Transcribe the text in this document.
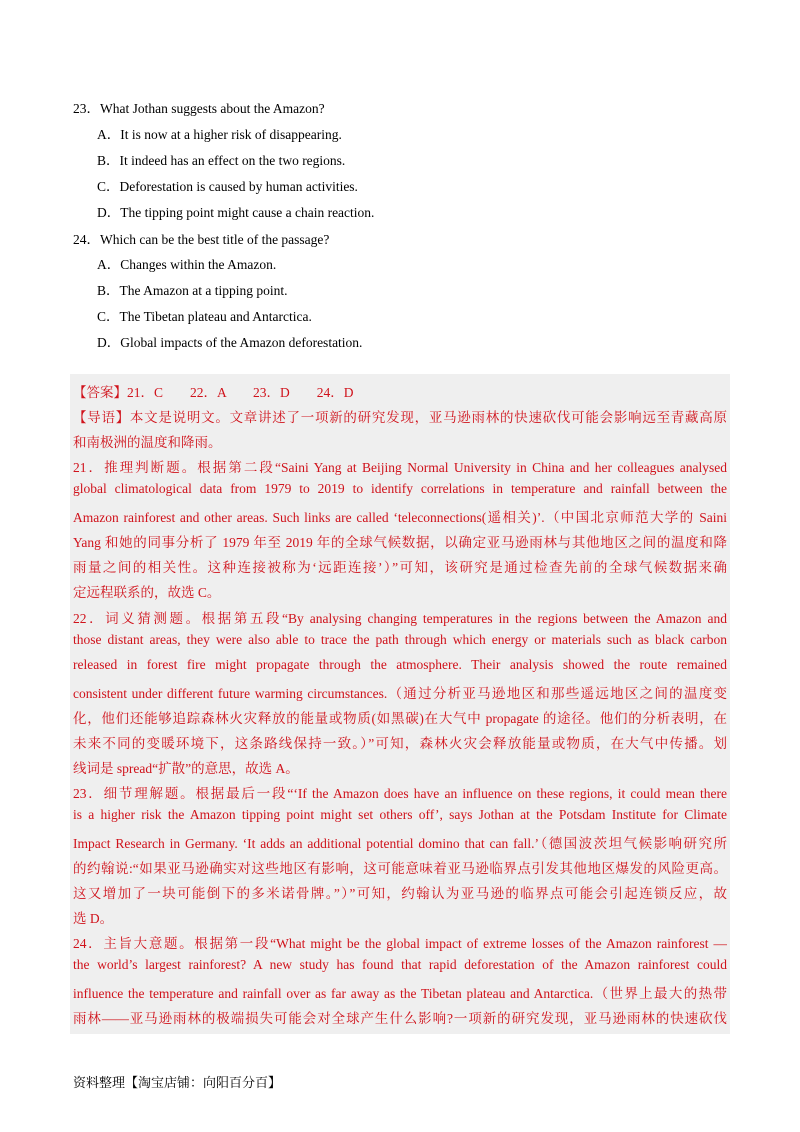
23．What Jothan suggests about the Amazon?
A．It is now at a higher risk of disappearing.
B．It indeed has an effect on the two regions.
C．Deforestation is caused by human activities.
D．The tipping point might cause a chain reaction.
24．Which can be the best title of the passage?
A．Changes within the Amazon.
B．The Amazon at a tipping point.
C．The Tibetan plateau and Antarctica.
D．Global impacts of the Amazon deforestation.
【答案】21．C　　22．A　　23．D　　24．D
【导语】本文是说明文。文章讲述了一项新的研究发现，亚马逊雨林的快速砍伐可能会影响远至青藏高原
和南极洲的温度和降雨。
21．推理判断题。根据第二段“Saini Yang at Beijing Normal University in China and her colleagues analysed
global climatological data from 1979 to 2019 to identify correlations in temperature and rainfall between the
Amazon rainforest and other areas. Such links are called ‘teleconnections(遥相关)’.（中国北京师范大学的 Saini
Yang 和她的同事分析了 1979 年至 2019 年的全球气候数据，以确定亚马逊雨林与其他地区之间的温度和降
雨量之间的相关性。这种连接被称为‘远距连接’）”可知，该研究是通过检查先前的全球气候数据来确
定远程联系的，故选 C。
22．词义猜测题。根据第五段“By analysing changing temperatures in the regions between the Amazon and
those distant areas, they were also able to trace the path through which energy or materials such as black carbon
released in forest fire might propagate through the atmosphere. Their analysis showed the route remained
consistent under different future warming circumstances.（通过分析亚马逊地区和那些遥远地区之间的温度变
化，他们还能够追踪森林火灾释放的能量或物质(如黑碳)在大气中 propagate 的途径。他们的分析表明，在
未来不同的变暖环境下，这条路线保持一致。）”可知，森林火灾会释放能量或物质，在大气中传播。划
线词是 spread“扩散”的意思，故选 A。
23．细节理解题。根据最后一段“‘If the Amazon does have an influence on these regions, it could mean there
is a higher risk the Amazon tipping point might set others off’, says Jothan at the Potsdam Institute for Climate
Impact Research in Germany. ‘It adds an additional potential domino that can fall.’（德国波茨坦气候影响研究所
的约翰说:“如果亚马逊确实对这些地区有影响，这可能意味着亚马逊临界点引发其他地区爆发的风险更高。
这又增加了一块可能倒下的多米诺骨牌。”）”可知，约翰认为亚马逊的临界点可能会引起连锁反应，故
选 D。
24．主旨大意题。根据第一段“What might be the global impact of extreme losses of the Amazon rainforest —
the world’s largest rainforest? A new study has found that rapid deforestation of the Amazon rainforest could
influence the temperature and rainfall over as far away as the Tibetan plateau and Antarctica.（世界上最大的热带
雨林——亚马逊雨林的极端损失可能会对全球产生什么影响?一项新的研究发现，亚马逊雨林的快速砍伐
资料整理【淘宝店铺：向阳百分百】
